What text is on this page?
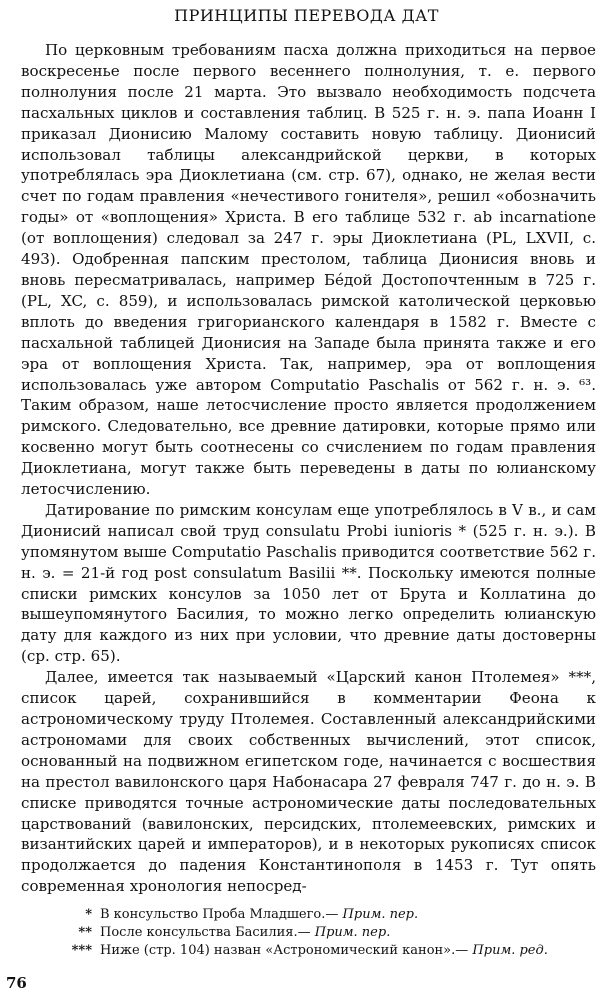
ПРИНЦИПЫ ПЕРЕВОДА ДАТ

По церковным требованиям пасха должна приходиться на первое воскресенье после первого весеннего полнолуния, т. е. первого полнолуния после 21 марта. Это вызвало необходимость подсчета пасхальных циклов и составления таблиц. В 525 г. н. э. папа Иоанн I приказал Дионисию Малому составить новую таблицу. Дионисий использовал таблицы александрийской церкви, в которых употреблялась эра Диоклетиана (см. стр. 67), однако, не желая вести счет по годам правления «нечестивого гонителя», решил «обозначить годы» от «воплощения» Христа. В его таблице 532 г. ab incarnatione (от воплощения) следовал за 247 г. эры Диоклетиана (PL, LXVII, c. 493). Одобренная папским престолом, таблица Дионисия вновь и вновь пересматривалась, например Бéдой Достопочтенным в 725 г. (PL, XC, c. 859), и использовалась римской католической церковью вплоть до введения григорианского календаря в 1582 г. Вместе с пасхальной таблицей Дионисия на Западе была принята также и его эра от воплощения Христа. Так, например, эра от воплощения использовалась уже автором Computatio Paschalis от 562 г. н. э. ⁶³. Таким образом, наше летосчисление просто является продолжением римского. Следовательно, все древние датировки, которые прямо или косвенно могут быть соотнесены со счислением по годам правления Диоклетиана, могут также быть переведены в даты по юлианскому летосчислению.

Датирование по римским консулам еще употреблялось в V в., и сам Дионисий написал свой труд consulatu Probi iunioris * (525 г. н. э.). В упомянутом выше Computatio Paschalis приводится соответствие 562 г. н. э. = 21-й год post consulatum Basilii **. Поскольку имеются полные списки римских консулов за 1050 лет от Брута и Коллатина до вышеупомянутого Басилия, то можно легко определить юлианскую дату для каждого из них при условии, что древние даты достоверны (ср. стр. 65).

Далее, имеется так называемый «Царский канон Птолемея» ***, список царей, сохранившийся в комментарии Феона к астрономическому труду Птолемея. Составленный александрийскими астрономами для своих собственных вычислений, этот список, основанный на подвижном египетском годе, начинается с восшествия на престол вавилонского царя Набонасара 27 февраля 747 г. до н. э. В списке приводятся точные астрономические даты последовательных царствований (вавилонских, персидских, птолемеевских, римских и византийских царей и императоров), и в некоторых рукописях список продолжается до падения Константинополя в 1453 г. Тут опять современная хронология непосред-

* В консульство Проба Младшего.— Прим. пер.
** После консульства Басилия.— Прим. пер.
*** Ниже (стр. 104) назван «Астрономический канон».— Прим. ред.
76
